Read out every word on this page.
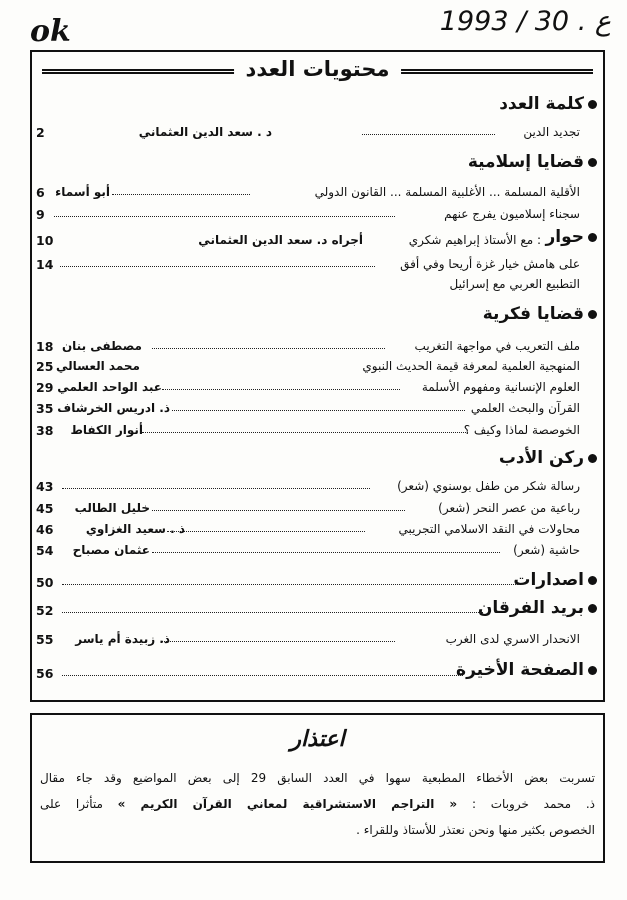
ok	1993 / 30 . ع
محتويات العدد
كلمة العدد
تجديد الدين
د . سعد الدين العثماني
2
قضايا إسلامية
الأقلية المسلمة ... الأغلبية المسلمة ... القانون الدولي
أبو أسماء
6
سجناء إسلاميون يفرج عنهم
9
حوار
: مع الأستاذ إبراهيم شكري
أجراه د. سعد الدين العثماني
10
على هامش خيار غزة أريحا وفي أفق
14
التطبيع العربي مع إسرائيل
قضايا فكرية
ملف التعريب في مواجهة التغريب
مصطفى بنان
18
المنهجية العلمية لمعرفة قيمة الحديث النبوي
محمد العسالي
25
العلوم الإنسانية ومفهوم الأسلمة
عبد الواحد العلمي
29
القرآن والبحث العلمي
ذ. ادريس الخرشاف
35
الخوصصة لماذا وكيف ؟
أنوار الكفاط
38
ركن الأدب
رسالة شكر من طفل بوسنوي (شعر)
43
رباعية من عصر النحر (شعر)
خليل الطالب
45
محاولات في النقد الاسلامي التجريبي
ذ . سعيد الغزاوي
46
حاشية (شعر)
عثمان مصباح
54
اصدارات
50
بريد الفرقان
52
الانحدار الاسري لدى الغرب
ذ. زبيدة أم ياسر
55
الصفحة الأخيرة
56
اعتذار
تسربت بعض الأخطاء المطبعية سهوا في العدد السابق 29 إلى بعض المواضيع وقد جاء مقال
ذ. محمد خروبات : « التراجم الاستشراقية لمعاني القرآن الكريم » متأثرا على
الخصوص بكثير منها ونحن نعتذر للأستاذ وللقراء .
